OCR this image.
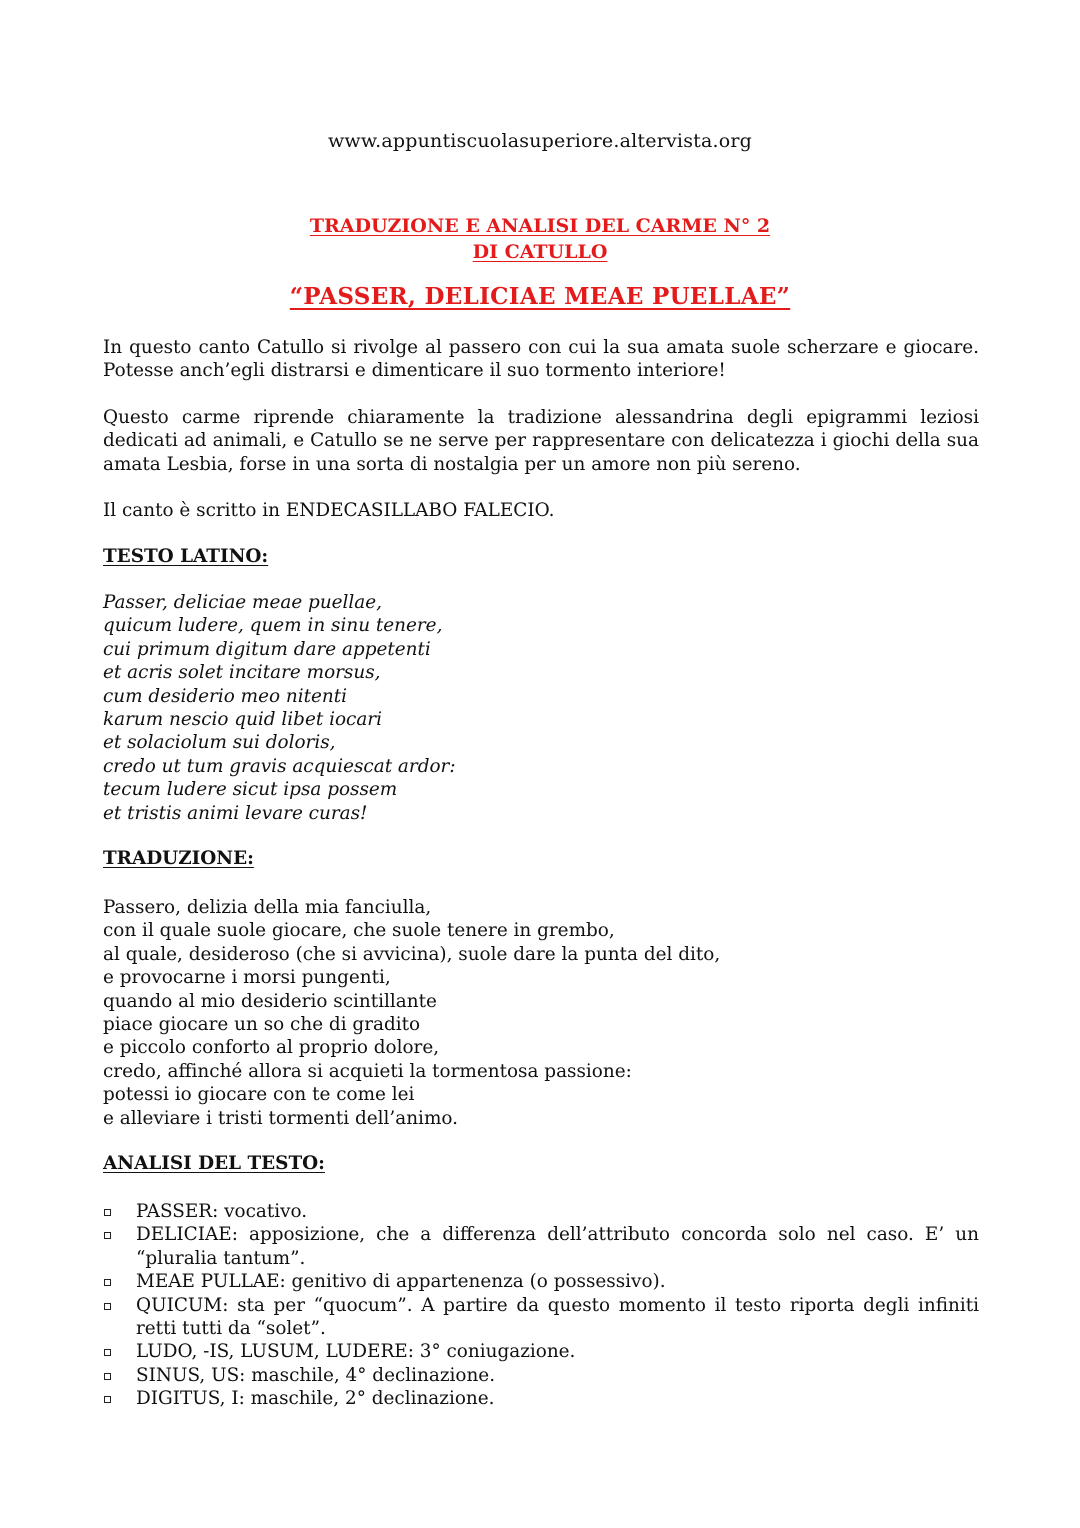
www.appuntiscuolasuperiore.altervista.org
TRADUZIONE E ANALISI DEL CARME N° 2
DI CATULLO
“PASSER, DELICIAE MEAE PUELLAE”

In questo canto Catullo si rivolge al passero con cui la sua amata suole scherzare e giocare. Potesse anch’egli distrarsi e dimenticare il suo tormento interiore!

Questo carme riprende chiaramente la tradizione alessandrina degli epigrammi leziosi dedicati ad animali, e Catullo se ne serve per rappresentare con delicatezza i giochi della sua amata Lesbia, forse in una sorta di nostalgia per un amore non più sereno.

Il canto è scritto in ENDECASILLABO FALECIO.

TESTO LATINO:
Passer, deliciae meae puellae,
quicum ludere, quem in sinu tenere,
cui primum digitum dare appetenti
et acris solet incitare morsus,
cum desiderio meo nitenti
karum nescio quid libet iocari
et solaciolum sui doloris,
credo ut tum gravis acquiescat ardor:
tecum ludere sicut ipsa possem
et tristis animi levare curas!
TRADUZIONE:
Passero, delizia della mia fanciulla,
con il quale suole giocare, che suole tenere in grembo,
al quale, desideroso (che si avvicina), suole dare la punta del dito,
e provocarne i morsi pungenti,
quando al mio desiderio scintillante
piace giocare un so che di gradito
e piccolo conforto al proprio dolore,
credo, affinché allora si acquieti la tormentosa passione:
potessi io giocare con te come lei
e alleviare i tristi tormenti dell’animo.
ANALISI DEL TESTO:
PASSER: vocativo.
DELICIAE: apposizione, che a differenza dell’attributo concorda solo nel caso. E’ un “pluralia tantum”.
MEAE PULLAE: genitivo di appartenenza (o possessivo).
QUICUM: sta per “quocum”. A partire da questo momento il testo riporta degli infiniti retti tutti da “solet”.
LUDO, -IS, LUSUM, LUDERE: 3° coniugazione.
SINUS, US: maschile, 4° declinazione.
DIGITUS, I: maschile, 2° declinazione.
